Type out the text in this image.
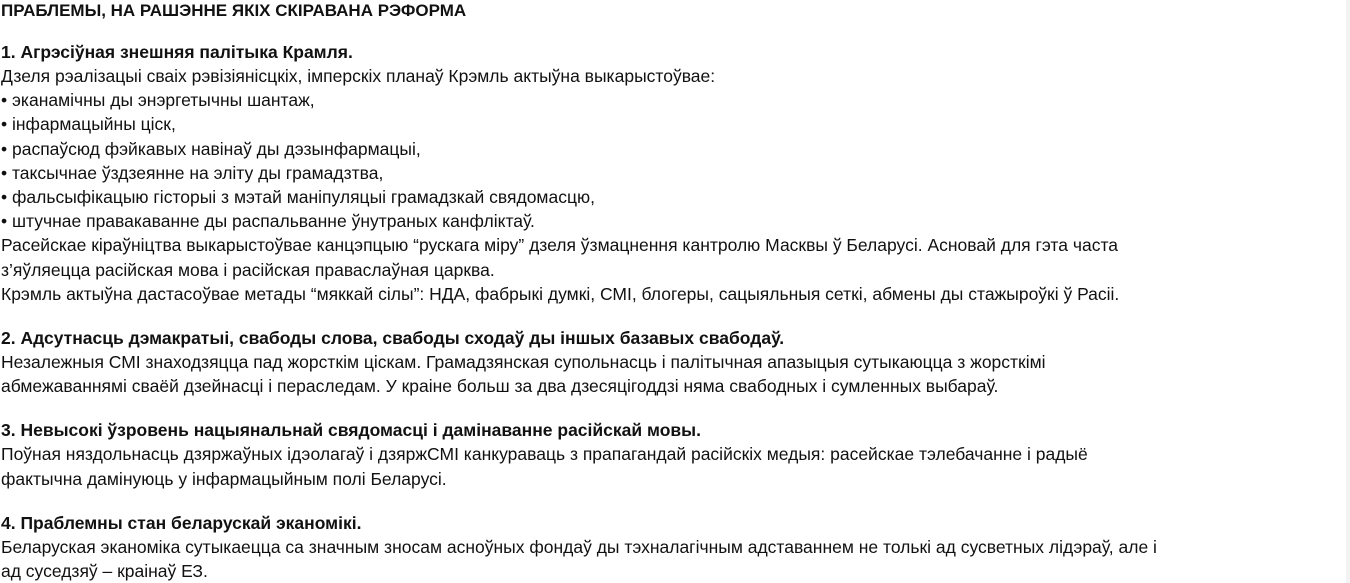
ПРАБЛЕМЫ, НА РАШЭННЕ ЯКІХ СКІРАВАНА РЭФОРМА

1. Агрэсіўная знешняя палітыка Крамля.

Дзеля рэалізацыі сваіх рэвізіяніcцкіх, імперскіх планаў Крэмль актыўна выкарыстоўвае:

• эканамічны ды энэргетычны шантаж,

• інфармацыйны ціск,

• распаўсюд фэйкавых навінаў ды дэзынфармацыі,

• таксычнае ўздзеянне на эліту ды грамадзтва,

• фальсыфікацыю гісторыі з мэтай маніпуляцыі грамадзкай свядомасцю,

• штучнае правакаванне ды распальванне ўнутраных канфліктаў.

Расейскае кіраўніцтва выкарыстоўвае канцэпцыю “рускага міру” дзеля ўзмацнення кантролю Масквы ў Беларусі. Асновай для гэта часта

з’яўляецца расійская мова і расійская праваслаўная царква.

Крэмль актыўна дастасоўвае метады “мяккай сілы”: НДА, фабрыкі думкі, СМІ, блогеры, сацыяльныя сеткі, абмены ды стажыроўкі ў Расіі.

2. Адсутнасць дэмакратыі, свабоды слова, свабоды сходаў ды іншых базавых свабодаў.

Незалежныя СМІ знаходзяцца пад жорсткім ціскам. Грамадзянская супольнасць і палітычная апазыцыя сутыкаюцца з жорсткімі

абмежаваннямі сваёй дзейнасці і пераследам. У краіне больш за два дзесяцігоддзі няма свабодных і сумленных выбараў.

3. Невысокі ўзровень нацыянальнай свядомасці і дамінаванне расійскай мовы.

Поўная няздольнасць дзяржаўных ідэолагаў і дзяржСМІ канкураваць з прапагандай расійскіх медыя: расейскае тэлебачанне і радыё

фактычна дамінуюць у інфармацыйным полі Беларусі.

4. Праблемны стан беларускай эканомікі.

Беларуская эканоміка сутыкаецца са значным зносам асноўных фондаў ды тэхналагічным адставаннем не толькі ад сусветных лідэраў, але і

ад суседзяў – краінаў ЕЗ.
